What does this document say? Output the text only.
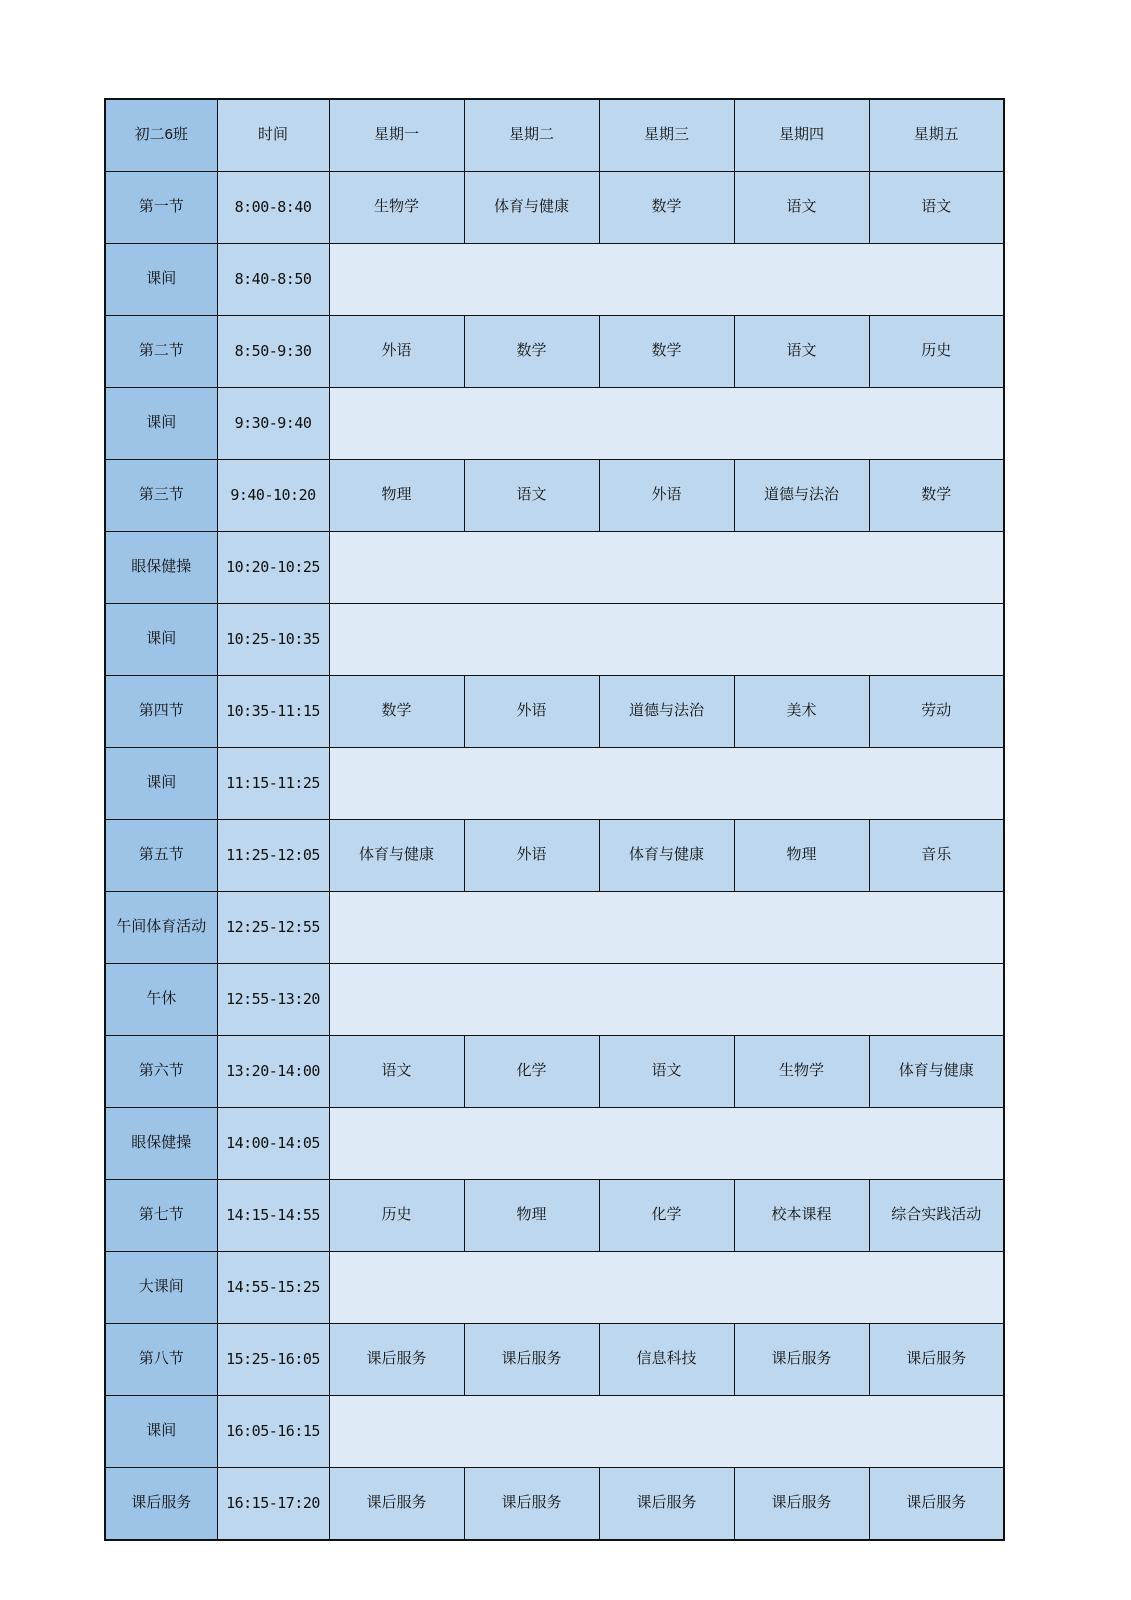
初二6班	时间	星期一	星期二	星期三	星期四	星期五
第一节	8:00-8:40	生物学	体育与健康	数学	语文	语文
课间	8:40-8:50					
第二节	8:50-9:30	外语	数学	数学	语文	历史
课间	9:30-9:40					
第三节	9:40-10:20	物理	语文	外语	道德与法治	数学
眼保健操	10:20-10:25					
课间	10:25-10:35					
第四节	10:35-11:15	数学	外语	道德与法治	美术	劳动
课间	11:15-11:25					
第五节	11:25-12:05	体育与健康	外语	体育与健康	物理	音乐
午间体育活动	12:25-12:55					
午休	12:55-13:20					
第六节	13:20-14:00	语文	化学	语文	生物学	体育与健康
眼保健操	14:00-14:05					
第七节	14:15-14:55	历史	物理	化学	校本课程	综合实践活动
大课间	14:55-15:25					
第八节	15:25-16:05	课后服务	课后服务	信息科技	课后服务	课后服务
课间	16:05-16:15					
课后服务	16:15-17:20	课后服务	课后服务	课后服务	课后服务	课后服务
